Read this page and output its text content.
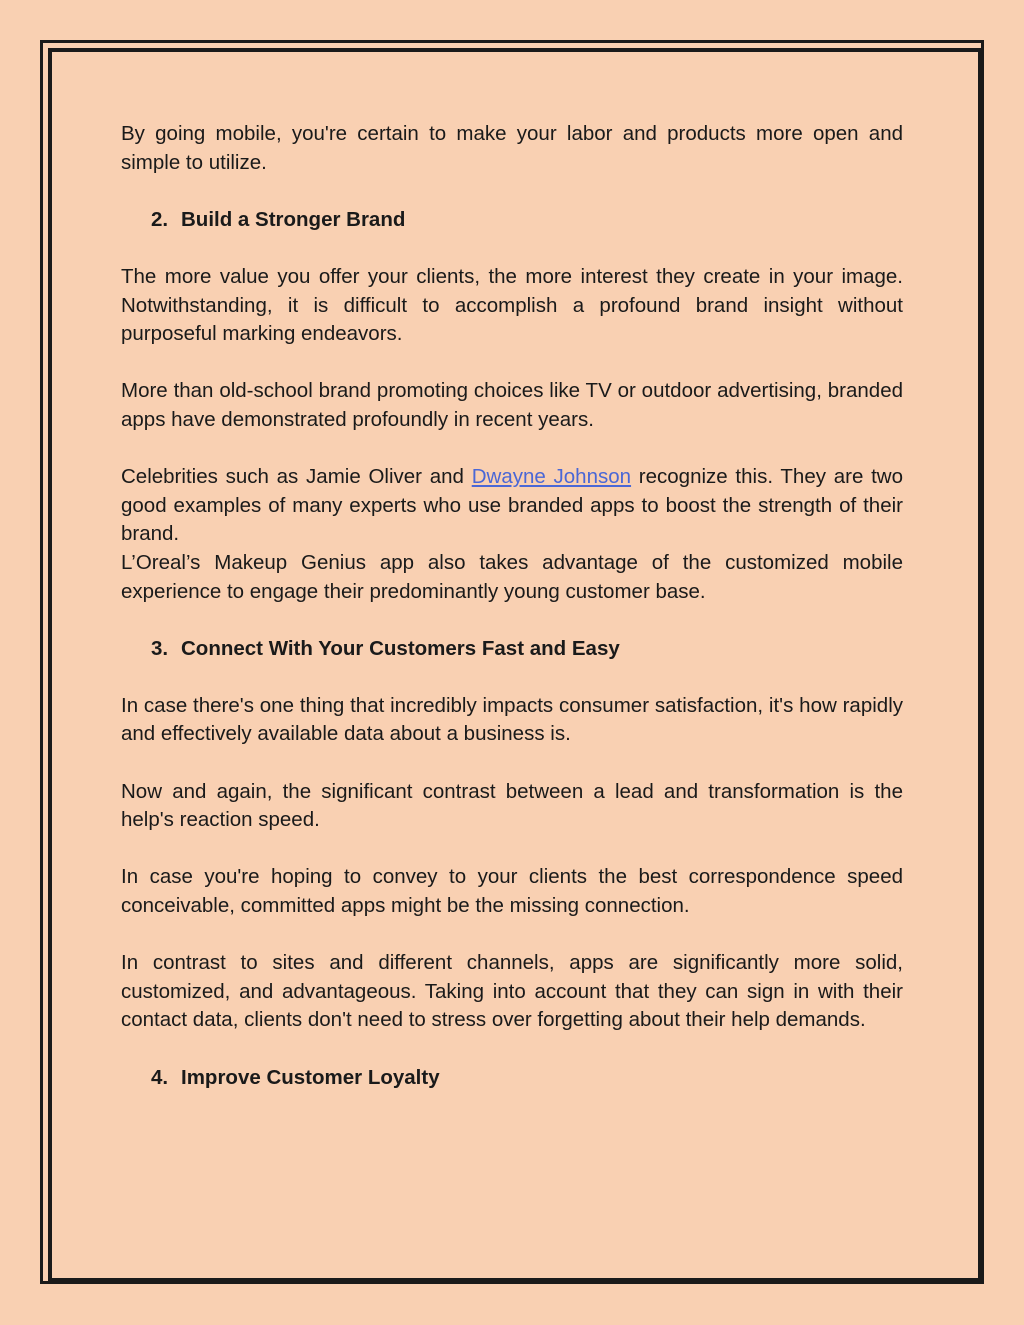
By going mobile, you're certain to make your labor and products more open and simple to utilize.

2. Build a Stronger Brand

The more value you offer your clients, the more interest they create in your image. Notwithstanding, it is difficult to accomplish a profound brand insight without purposeful marking endeavors.

More than old-school brand promoting choices like TV or outdoor advertising, branded apps have demonstrated profoundly in recent years.

Celebrities such as Jamie Oliver and Dwayne Johnson recognize this. They are two good examples of many experts who use branded apps to boost the strength of their brand.

L’Oreal’s Makeup Genius app also takes advantage of the customized mobile experience to engage their predominantly young customer base.

3. Connect With Your Customers Fast and Easy

In case there's one thing that incredibly impacts consumer satisfaction, it's how rapidly and effectively available data about a business is.

Now and again, the significant contrast between a lead and transformation is the help's reaction speed.

In case you're hoping to convey to your clients the best correspondence speed conceivable, committed apps might be the missing connection.

In contrast to sites and different channels, apps are significantly more solid, customized, and advantageous. Taking into account that they can sign in with their contact data, clients don't need to stress over forgetting about their help demands.

4. Improve Customer Loyalty
